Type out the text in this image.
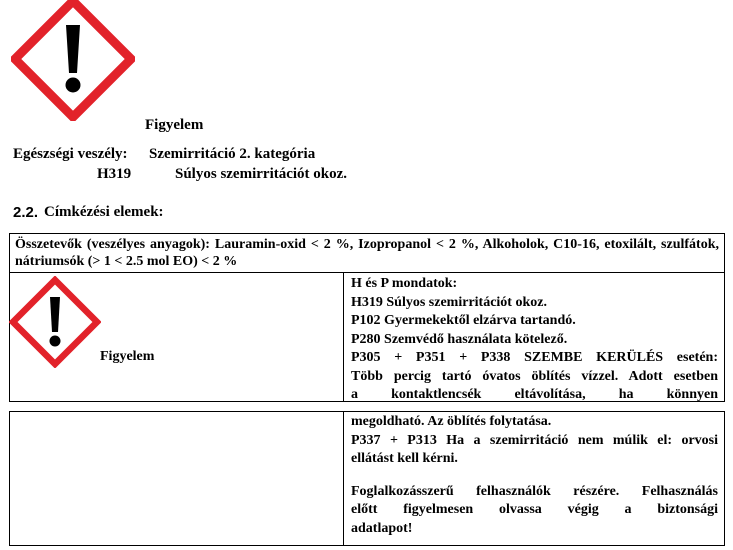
Figyelem
Egészségi veszély: Szemirritáció 2. kategória
H319	Súlyos szemirritációt okoz.
2.2. Címkézési elemek:
Összetevők (veszélyes anyagok): Lauramin-oxid < 2 %, Izopropanol < 2 %, Alkoholok, C10-16, etoxilált, szulfátok, nátriumsók (> 1 < 2.5 mol EO) < 2 %
Figyelem
H és P mondatok:
H319 Súlyos szemirritációt okoz.
P102 Gyermekektől elzárva tartandó.
P280 Szemvédő használata kötelező.
P305 + P351 + P338 SZEMBE KERÜLÉS esetén:
Több percig tartó óvatos öblítés vízzel. Adott esetben
a kontaktlencsék eltávolítása, ha könnyen
megoldható. Az öblítés folytatása.
P337 + P313 Ha a szemirritáció nem múlik el: orvosi
ellátást kell kérni.
Foglalkozásszerű felhasználók részére. Felhasználás
előtt figyelmesen olvassa végig a biztonsági
adatlapot!
